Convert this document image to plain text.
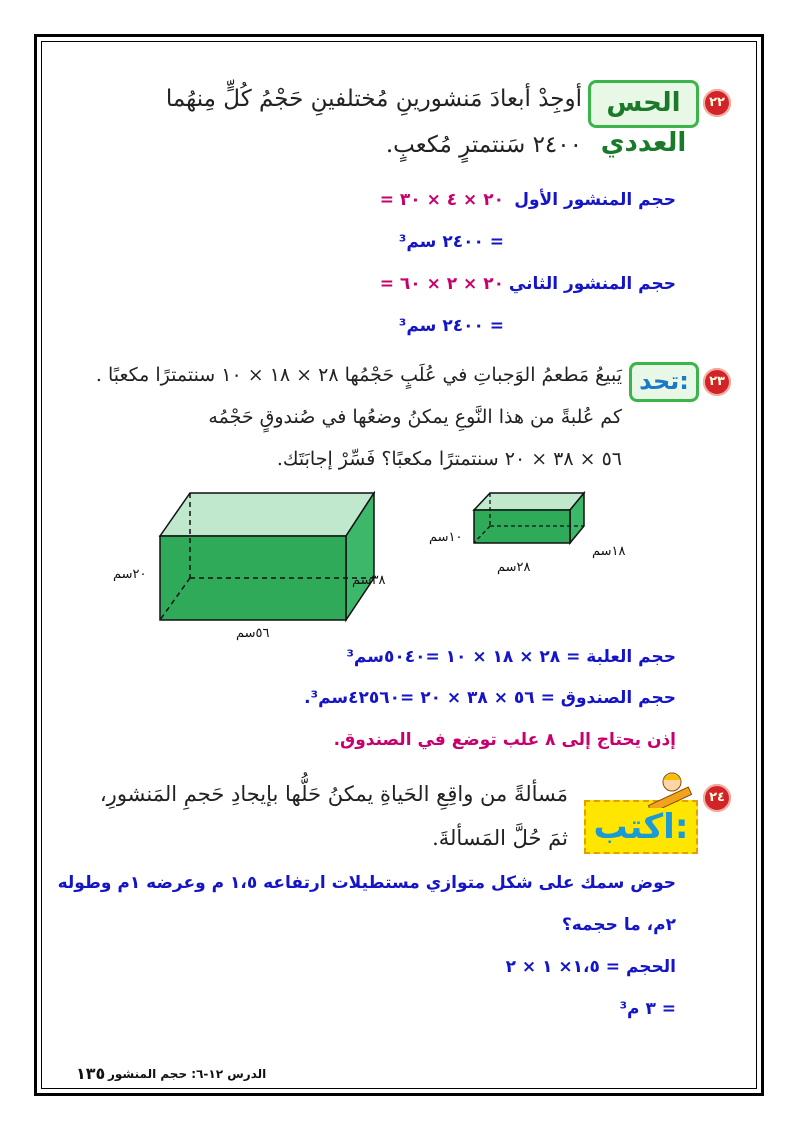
٢٢
الحس العددي
أوجِدْ أبعادَ مَنشورينِ مُختلفينِ حَجْمُ كُلٍّ مِنهُما
٢٤٠٠ سَنتمترٍ مُكعبٍ.
حجم المنشور الأول
= ٢٠ × ٤ × ٣٠
= ٢٤٠٠ سم³
حجم المنشور الثاني
= ٢٠ × ٢ × ٦٠
= ٢٤٠٠ سم³
٢٣
تحد:
يَبيعُ مَطعمُ الوَجباتِ في عُلَبٍ حَجْمُها ٢٨ × ١٨ × ١٠ سنتمترًا مكعبًا .
كم عُلبةً من هذا النَّوعِ يمكنُ وضعُها في صُندوقٍ حَجْمُه
٥٦ × ٣٨ × ٢٠ سنتمترًا مكعبًا؟ فَسِّرْ إجابَتَك.
٢٠سم	٣٨سم
٥٦سم
١٠سم
١٨سم
٢٨سم
حجم العلبة = ٢٨ × ١٨ × ١٠ =٥٠٤٠سم³
حجم الصندوق = ٥٦ × ٣٨ × ٢٠ =٤٢٥٦٠سم³.
إذن يحتاج إلى ٨ علب توضع في الصندوق.
٢٤
اكتب:
مَسألةً من واقِعِ الحَياةِ يمكنُ حَلُّها بإيجادِ حَجمِ المَنشورِ،
ثمَ حُلَّ المَسألةَ.
حوض سمك على شكل متوازي مستطيلات ارتفاعه ١،٥ م وعرضه ١م وطوله
٢م، ما حجمه؟
الحجم = ١،٥× ١ × ٢
= ٣ م³
الدرس ١٢-٦: حجم المنشور
١٣٥
